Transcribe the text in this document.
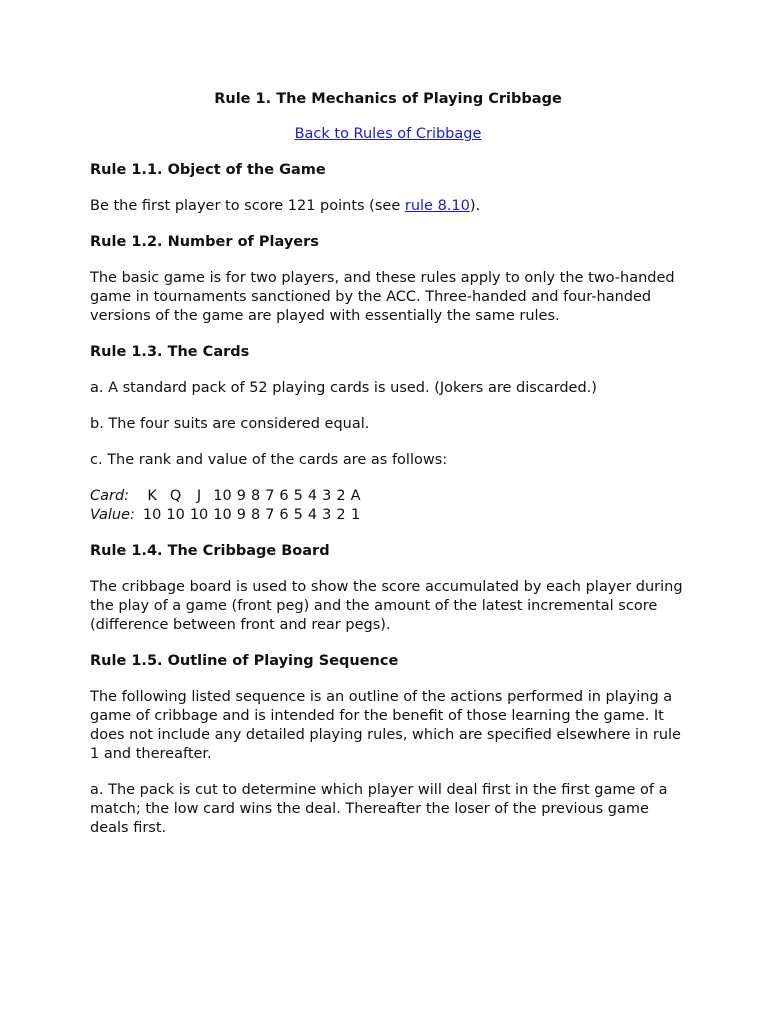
Rule 1. The Mechanics of Playing Cribbage

Back to Rules of Cribbage
Rule 1.1. Object of the Game

Be the first player to score 121 points (see rule 8.10).

Rule 1.2. Number of Players

The basic game is for two players, and these rules apply to only the two-handed game in tournaments sanctioned by the ACC. Three-handed and four-handed versions of the game are played with essentially the same rules.

Rule 1.3. The Cards

a. A standard pack of 52 playing cards is used. (Jokers are discarded.)

b. The four suits are considered equal.

c. The rank and value of the cards are as follows:

Card:	K	Q	J	10	9	8	7	6	5	4	3	2	A
Value:	10	10	10	10	9	8	7	6	5	4	3	2	1
Rule 1.4. The Cribbage Board

The cribbage board is used to show the score accumulated by each player during the play of a game (front peg) and the amount of the latest incremental score (difference between front and rear pegs).

Rule 1.5. Outline of Playing Sequence

The following listed sequence is an outline of the actions performed in playing a game of cribbage and is intended for the benefit of those learning the game. It does not include any detailed playing rules, which are specified elsewhere in rule 1 and thereafter.

a. The pack is cut to determine which player will deal first in the first game of a match; the low card wins the deal. Thereafter the loser of the previous game deals first.
